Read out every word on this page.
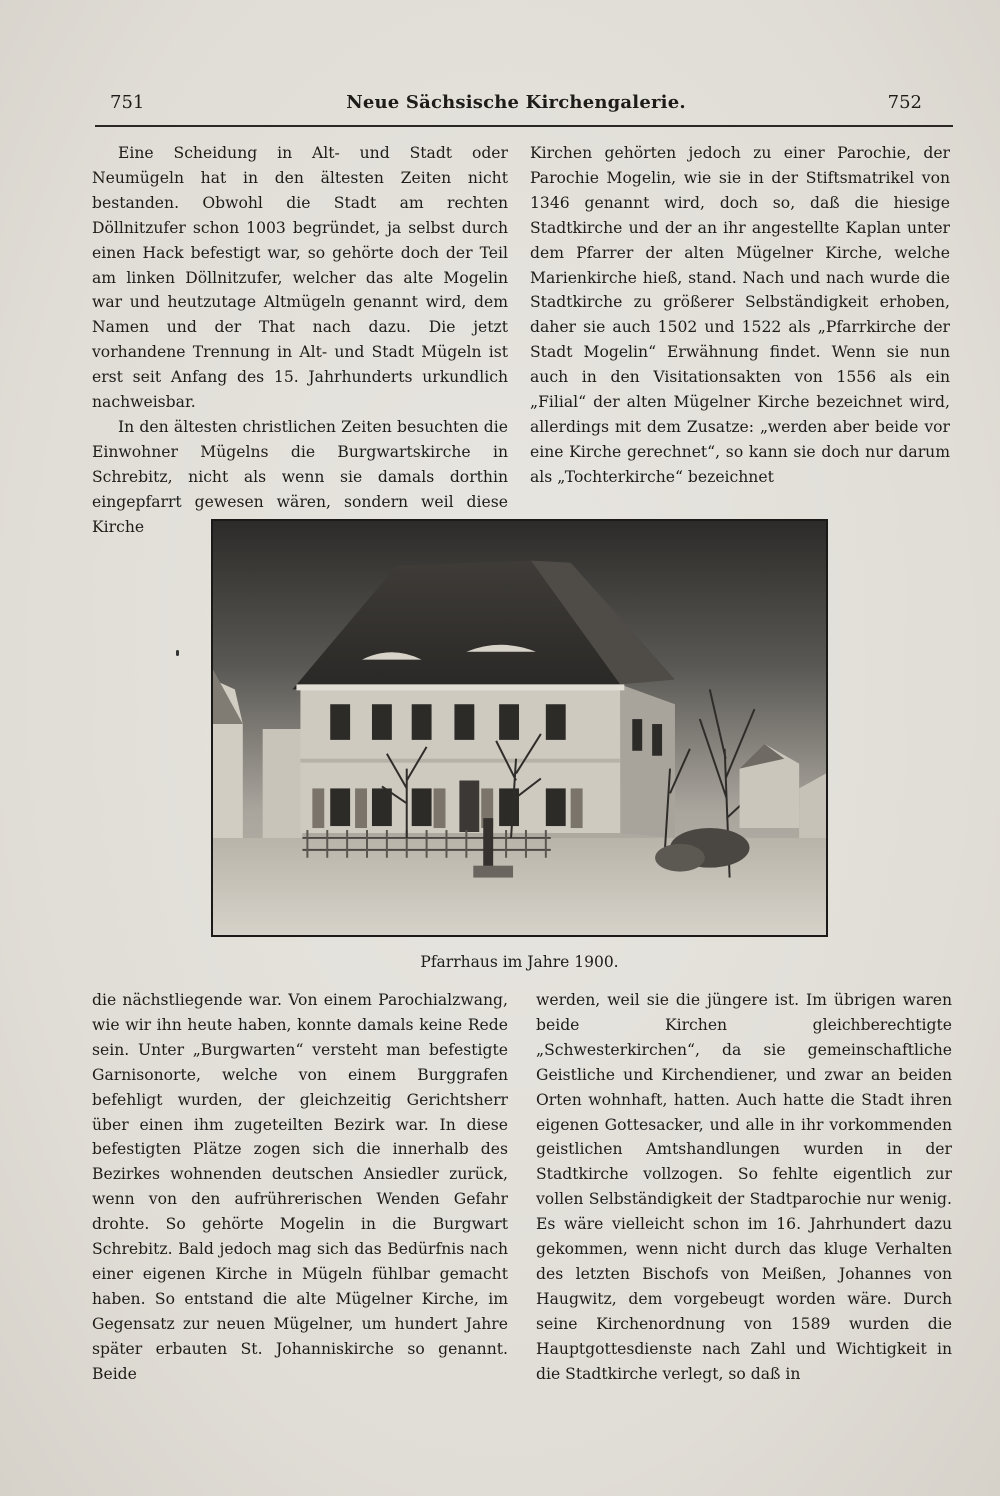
751	Neue Sächsische Kirchengalerie.	752

Eine Scheidung in Alt- und Stadt oder Neumügeln hat in den ältesten Zeiten nicht bestanden. Obwohl die Stadt am rechten Döllnitzufer schon 1003 begründet, ja selbst durch einen Hack befestigt war, so gehörte doch der Teil am linken Döllnitzufer, welcher das alte Mogelin war und heutzutage Altmügeln genannt wird, dem Namen und der That nach dazu. Die jetzt vorhandene Trennung in Alt- und Stadt Mügeln ist erst seit Anfang des 15. Jahrhunderts urkundlich nachweisbar.

In den ältesten christlichen Zeiten besuchten die Einwohner Mügelns die Burgwartskirche in Schrebitz, nicht als wenn sie damals dorthin eingepfarrt gewesen wären, sondern weil diese Kirche

Kirchen gehörten jedoch zu einer Parochie, der Parochie Mogelin, wie sie in der Stiftsmatrikel von 1346 genannt wird, doch so, daß die hiesige Stadtkirche und der an ihr angestellte Kaplan unter dem Pfarrer der alten Mügelner Kirche, welche Marienkirche hieß, stand. Nach und nach wurde die Stadtkirche zu größerer Selbständigkeit erhoben, daher sie auch 1502 und 1522 als „Pfarrkirche der Stadt Mogelin“ Erwähnung findet. Wenn sie nun auch in den Visitationsakten von 1556 als ein „Filial“ der alten Mügelner Kirche bezeichnet wird, allerdings mit dem Zusatze: „werden aber beide vor eine Kirche gerechnet“, so kann sie doch nur darum als „Tochterkirche“ bezeichnet

Pfarrhaus im Jahre 1900.

die nächstliegende war. Von einem Parochialzwang, wie wir ihn heute haben, konnte damals keine Rede sein. Unter „Burgwarten“ versteht man befestigte Garnisonorte, welche von einem Burggrafen befehligt wurden, der gleichzeitig Gerichtsherr über einen ihm zugeteilten Bezirk war. In diese befestigten Plätze zogen sich die innerhalb des Bezirkes wohnenden deutschen Ansiedler zurück, wenn von den aufrührerischen Wenden Gefahr drohte. So gehörte Mogelin in die Burgwart Schrebitz. Bald jedoch mag sich das Bedürfnis nach einer eigenen Kirche in Mügeln fühlbar gemacht haben. So entstand die alte Mügelner Kirche, im Gegensatz zur neuen Mügelner, um hundert Jahre später erbauten St. Johanniskirche so genannt. Beide

werden, weil sie die jüngere ist. Im übrigen waren beide Kirchen gleichberechtigte „Schwesterkirchen“, da sie gemeinschaftliche Geistliche und Kirchendiener, und zwar an beiden Orten wohnhaft, hatten. Auch hatte die Stadt ihren eigenen Gottesacker, und alle in ihr vorkommenden geistlichen Amtshandlungen wurden in der Stadtkirche vollzogen. So fehlte eigentlich zur vollen Selbständigkeit der Stadtparochie nur wenig. Es wäre vielleicht schon im 16. Jahrhundert dazu gekommen, wenn nicht durch das kluge Verhalten des letzten Bischofs von Meißen, Johannes von Haugwitz, dem vorgebeugt worden wäre. Durch seine Kirchenordnung von 1589 wurden die Hauptgottesdienste nach Zahl und Wichtigkeit in die Stadtkirche verlegt, so daß in
